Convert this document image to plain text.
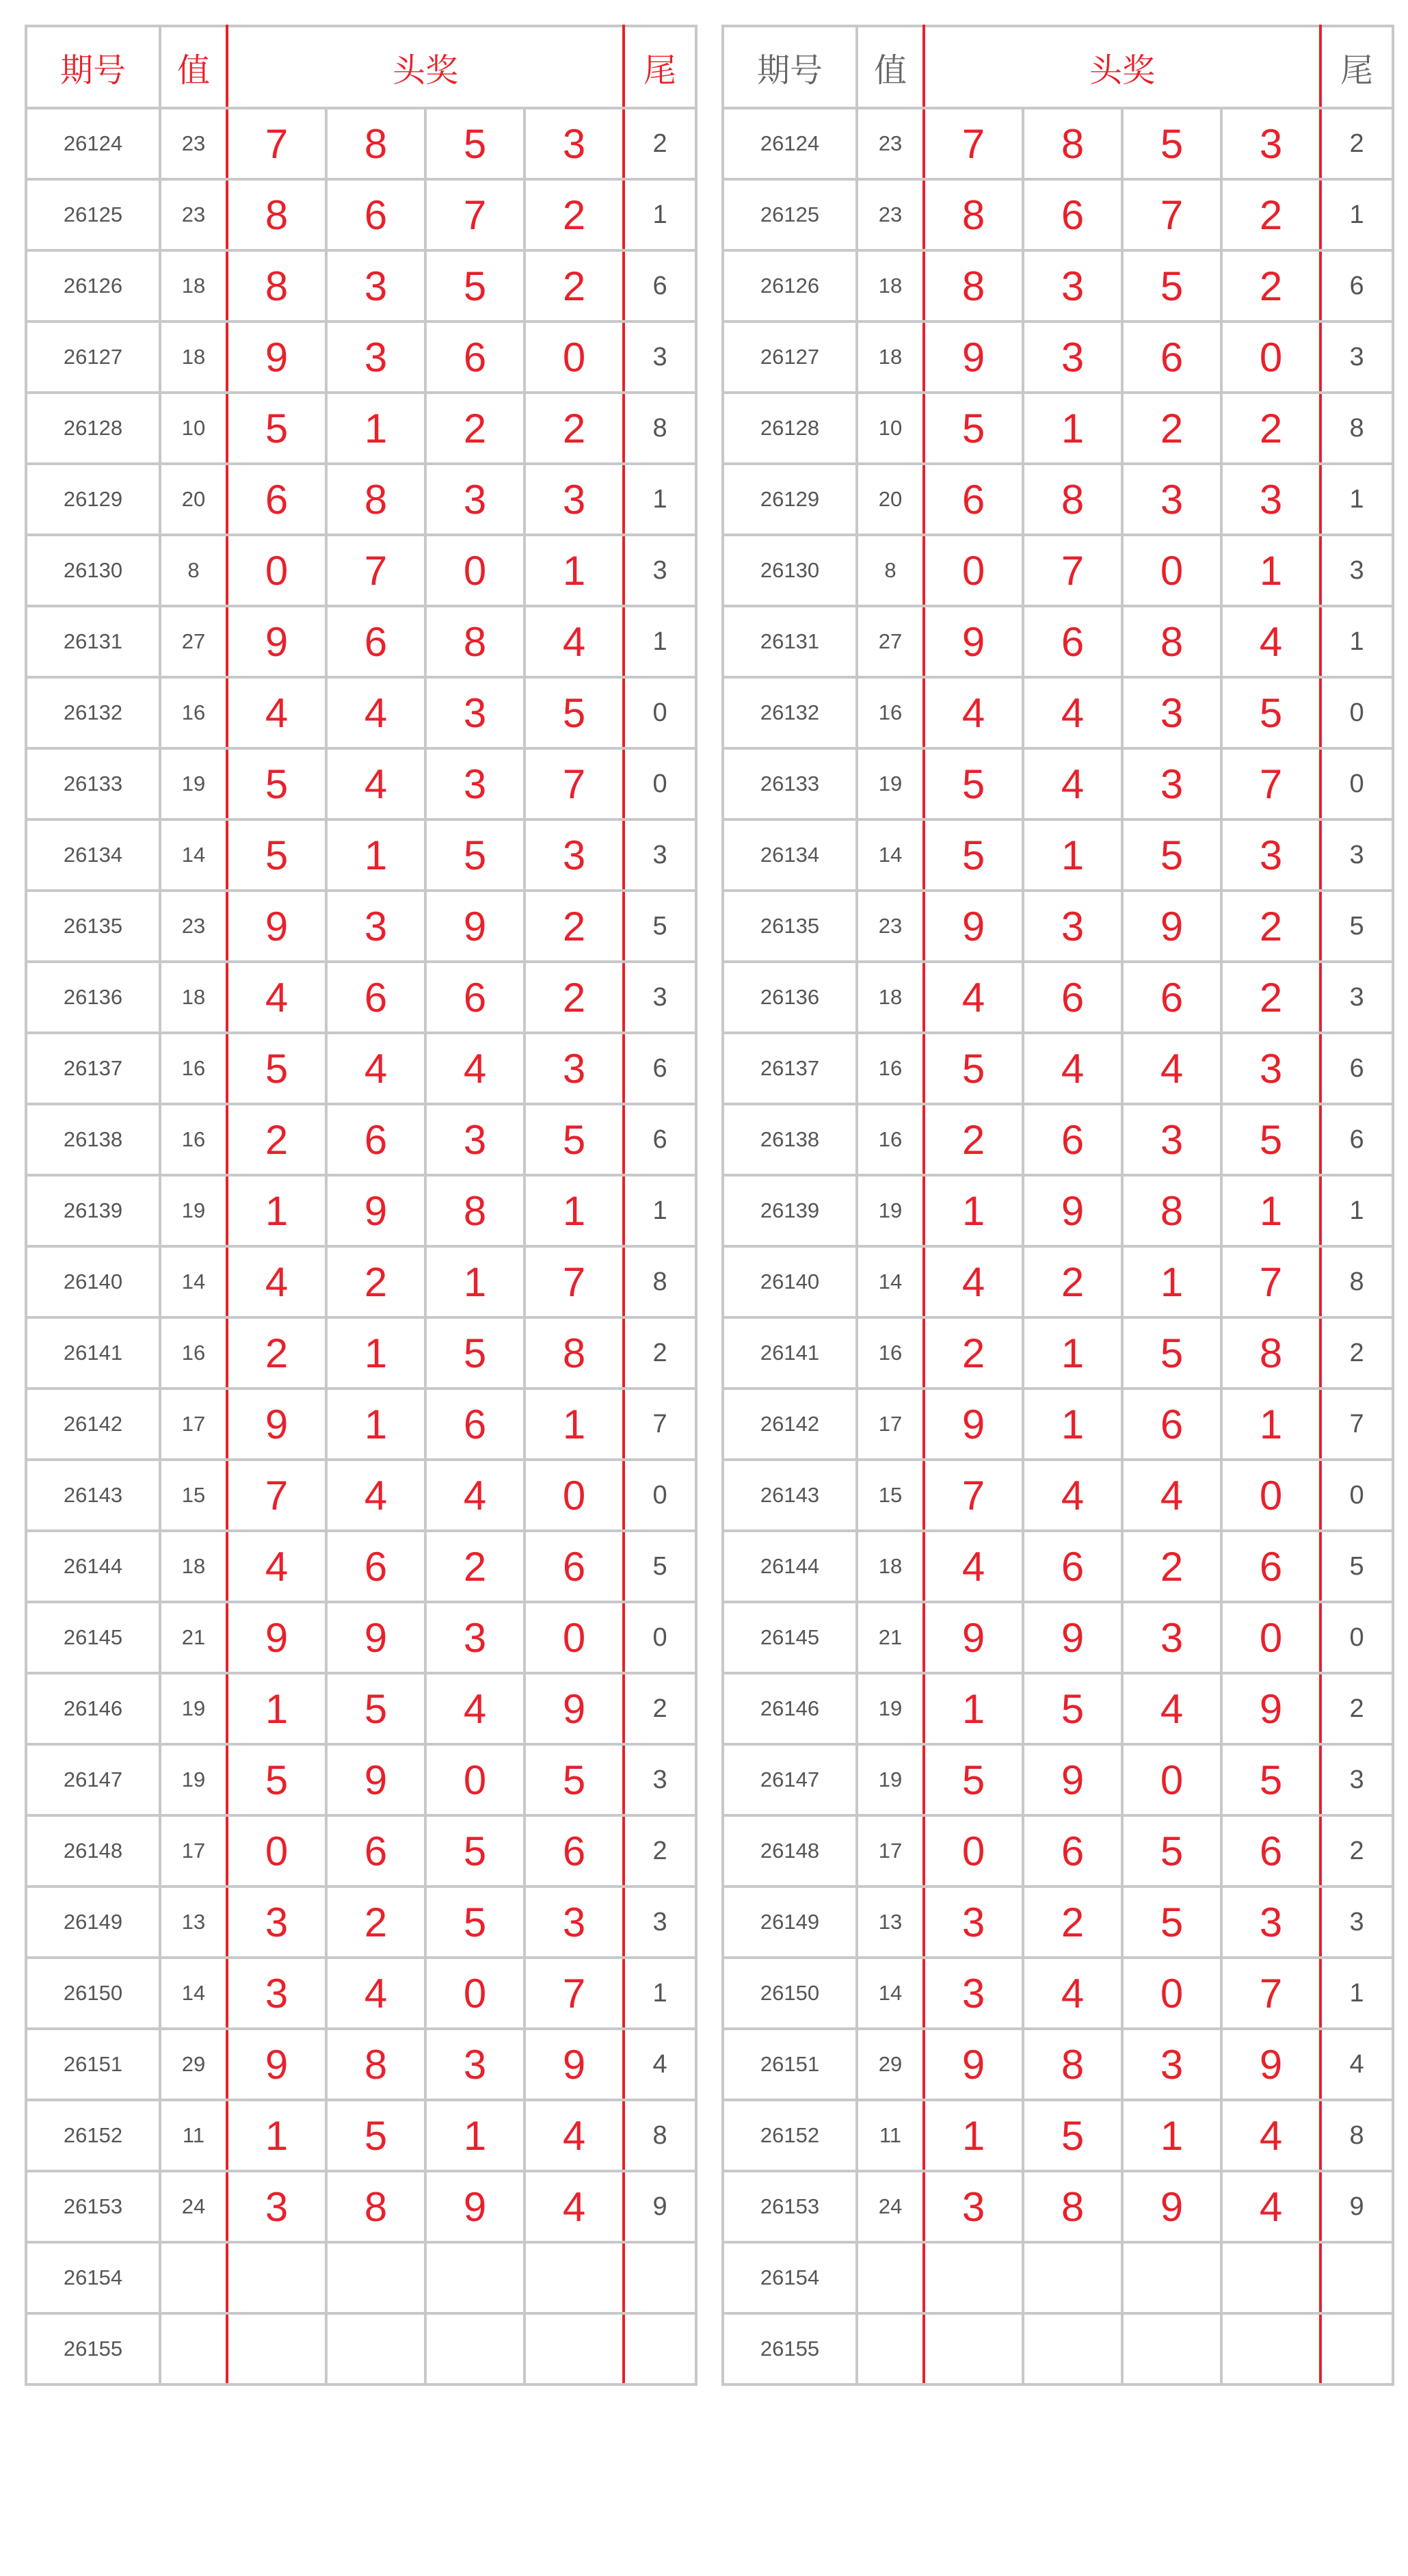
期号	值	头奖				尾
26124	23	7	8	5	3	2
26125	23	8	6	7	2	1
26126	18	8	3	5	2	6
26127	18	9	3	6	0	3
26128	10	5	1	2	2	8
26129	20	6	8	3	3	1
26130	8	0	7	0	1	3
26131	27	9	6	8	4	1
26132	16	4	4	3	5	0
26133	19	5	4	3	7	0
26134	14	5	1	5	3	3
26135	23	9	3	9	2	5
26136	18	4	6	6	2	3
26137	16	5	4	4	3	6
26138	16	2	6	3	5	6
26139	19	1	9	8	1	1
26140	14	4	2	1	7	8
26141	16	2	1	5	8	2
26142	17	9	1	6	1	7
26143	15	7	4	4	0	0
26144	18	4	6	2	6	5
26145	21	9	9	3	0	0
26146	19	1	5	4	9	2
26147	19	5	9	0	5	3
26148	17	0	6	5	6	2
26149	13	3	2	5	3	3
26150	14	3	4	0	7	1
26151	29	9	8	3	9	4
26152	11	1	5	1	4	8
26153	24	3	8	9	4	9
26154						
26155						
期号	值	头奖				尾
26124	23	7	8	5	3	2
26125	23	8	6	7	2	1
26126	18	8	3	5	2	6
26127	18	9	3	6	0	3
26128	10	5	1	2	2	8
26129	20	6	8	3	3	1
26130	8	0	7	0	1	3
26131	27	9	6	8	4	1
26132	16	4	4	3	5	0
26133	19	5	4	3	7	0
26134	14	5	1	5	3	3
26135	23	9	3	9	2	5
26136	18	4	6	6	2	3
26137	16	5	4	4	3	6
26138	16	2	6	3	5	6
26139	19	1	9	8	1	1
26140	14	4	2	1	7	8
26141	16	2	1	5	8	2
26142	17	9	1	6	1	7
26143	15	7	4	4	0	0
26144	18	4	6	2	6	5
26145	21	9	9	3	0	0
26146	19	1	5	4	9	2
26147	19	5	9	0	5	3
26148	17	0	6	5	6	2
26149	13	3	2	5	3	3
26150	14	3	4	0	7	1
26151	29	9	8	3	9	4
26152	11	1	5	1	4	8
26153	24	3	8	9	4	9
26154						
26155						
